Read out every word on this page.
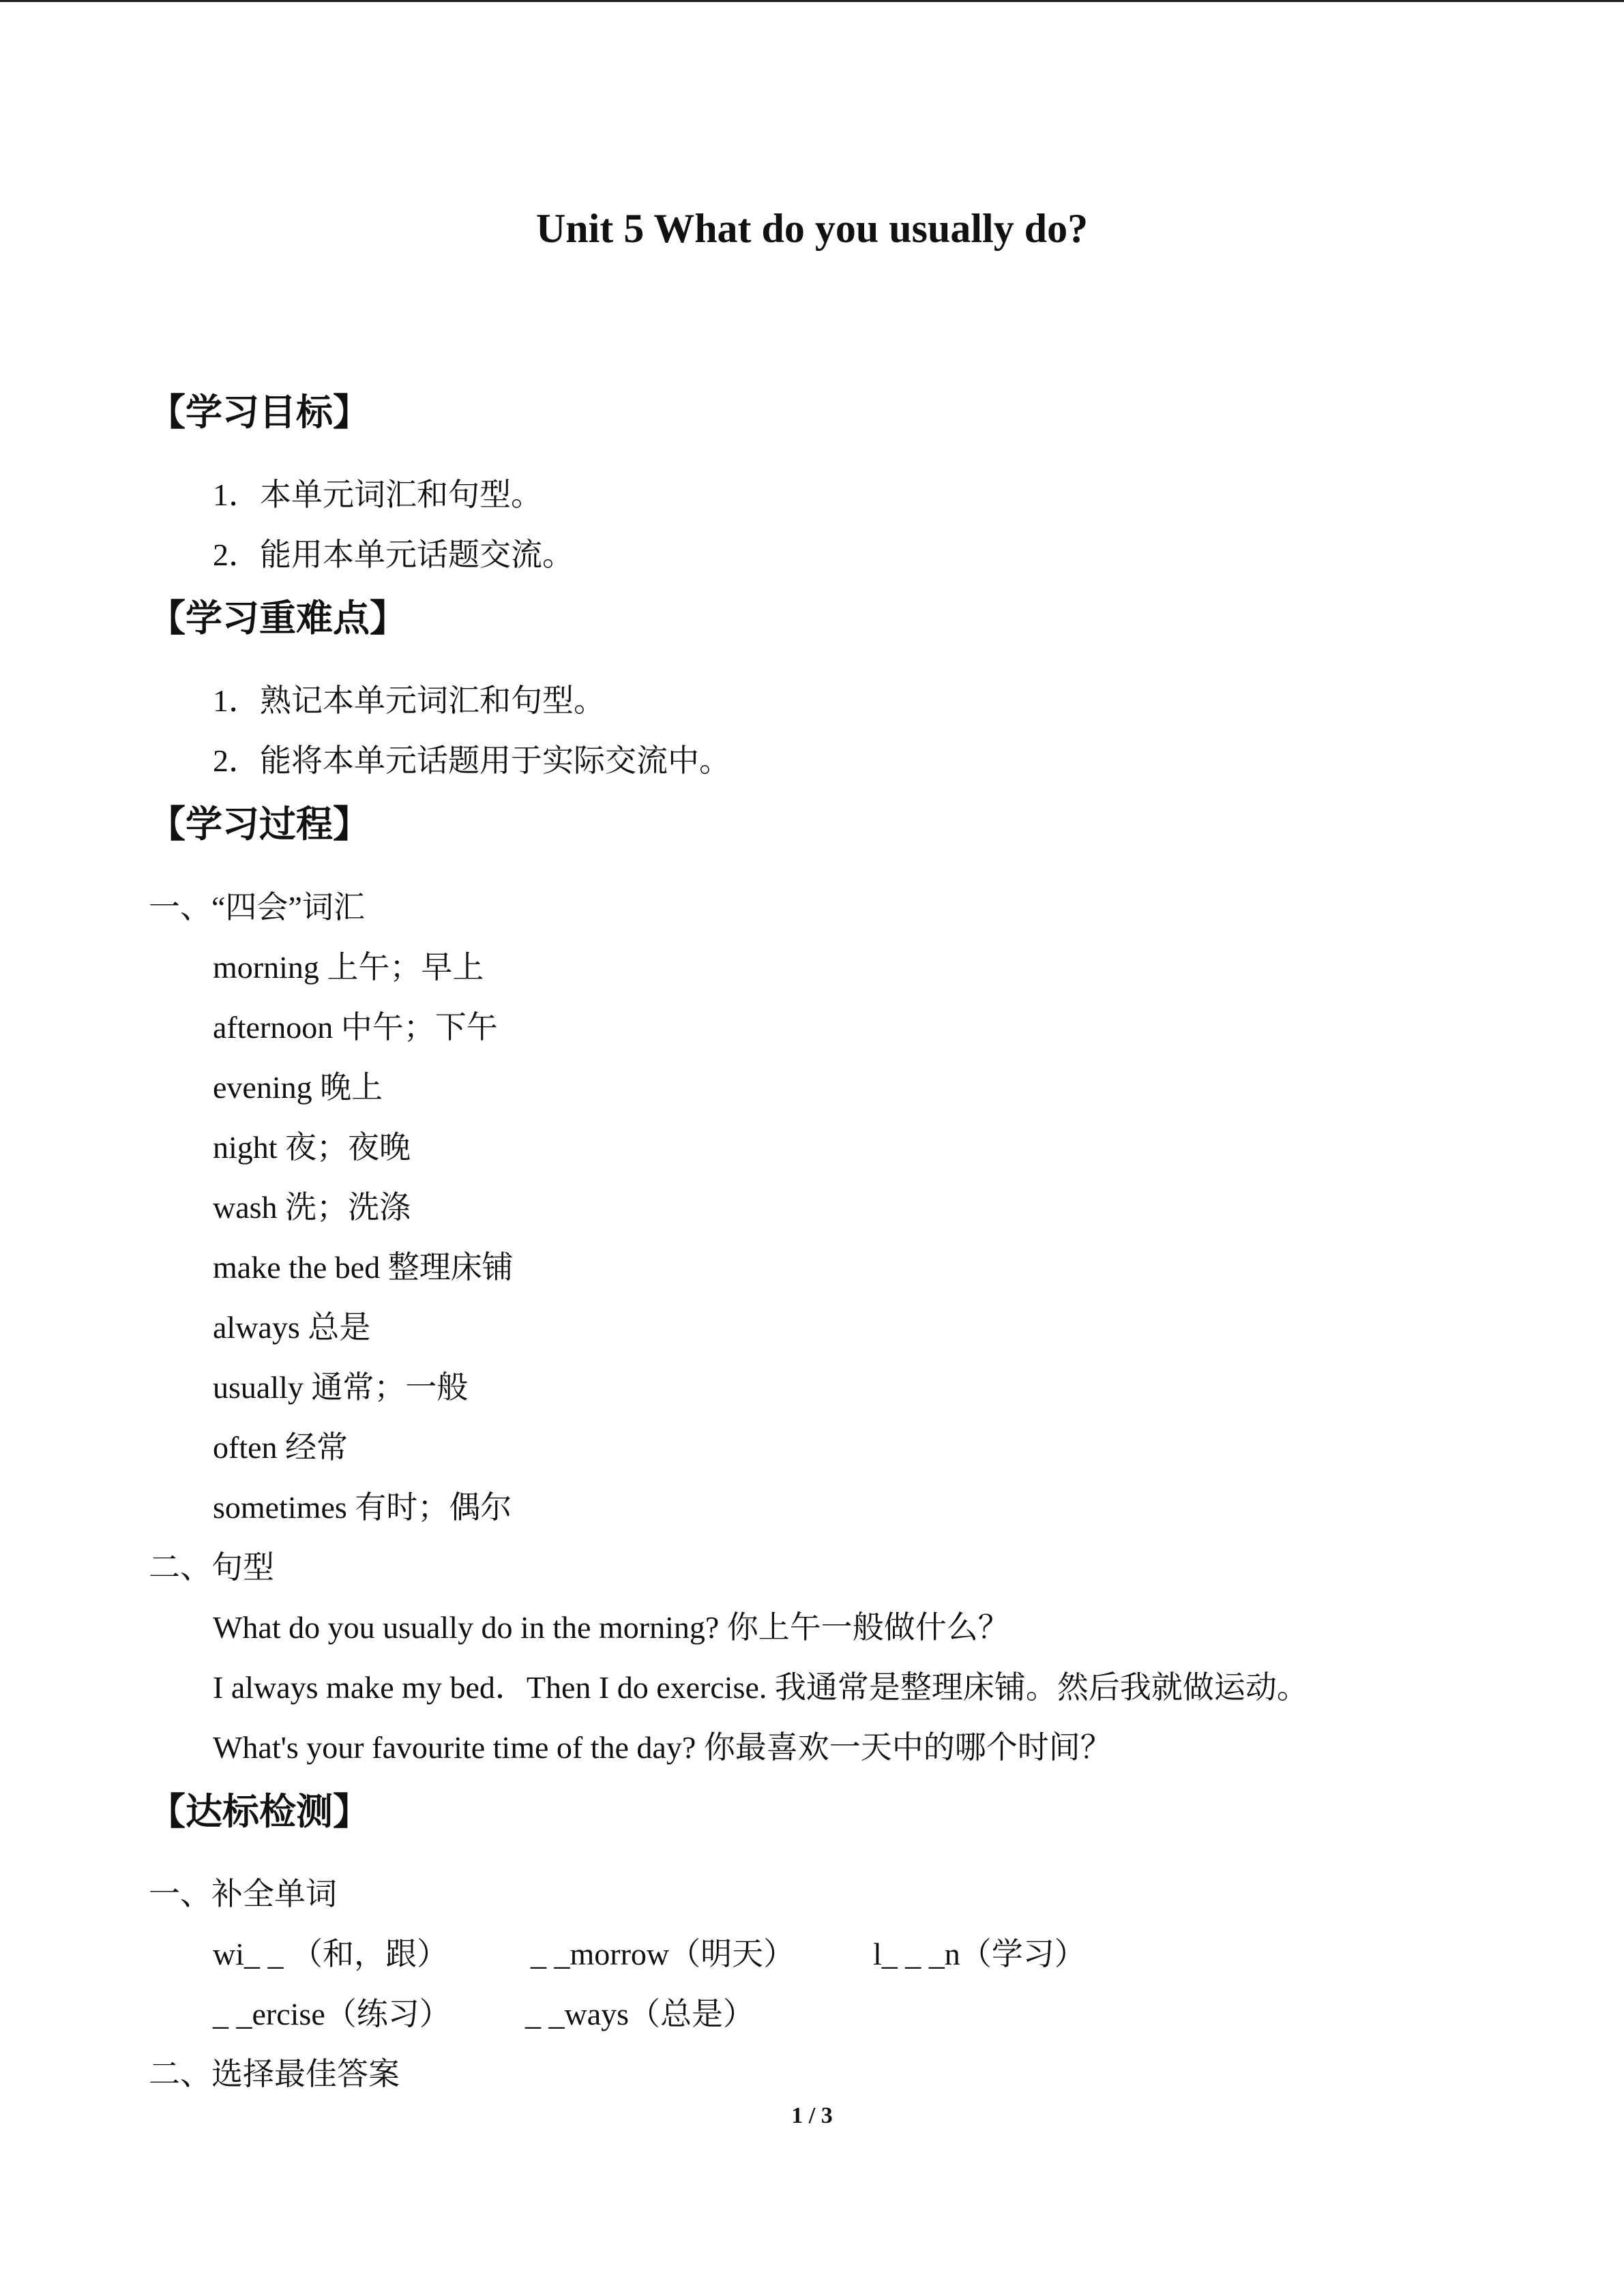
Unit 5 What do you usually do?
【学习目标】
1．本单元词汇和句型。
2．能用本单元话题交流。
【学习重难点】
1．熟记本单元词汇和句型。
2．能将本单元话题用于实际交流中。
【学习过程】
一、“四会”词汇
morning 上午；早上
afternoon 中午；下午
evening 晚上
night 夜；夜晚
wash 洗；洗涤
make the bed 整理床铺
always 总是
usually 通常；一般
often 经常
sometimes 有时；偶尔
二、句型
What do you usually do in the morning? 你上午一般做什么？
I always make my bed．Then I do exercise. 我通常是整理床铺。然后我就做运动。
What's your favourite time of the day? 你最喜欢一天中的哪个时间？
【达标检测】
一、补全单词
wi_ _ （和，跟）	_ _morrow（明天） l_ _ _n（学习）
_ _ercise（练习） _ _ways（总是）
二、选择最佳答案
1 / 3
